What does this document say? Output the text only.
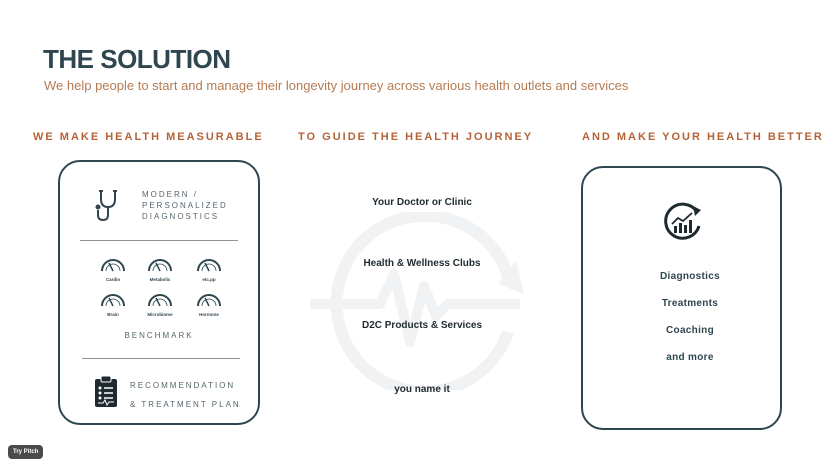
THE SOLUTION
We help people to start and manage their longevity journey across various health outlets and services
WE MAKE HEALTH MEASURABLE	TO GUIDE THE HEALTH JOURNEY	AND MAKE YOUR HEALTH BETTER
MODERN /
PERSONALIZED
DIAGNOSTICS
Cardio	Metabolic	etc.pp
Brain	Microbiome	Hormone
BENCHMARK
RECOMMENDATION
& TREATMENT PLAN
Your Doctor or Clinic
Health & Wellness Clubs
D2C Products & Services
you name it
Diagnostics
Treatments
Coaching
and more
Try Pitch
